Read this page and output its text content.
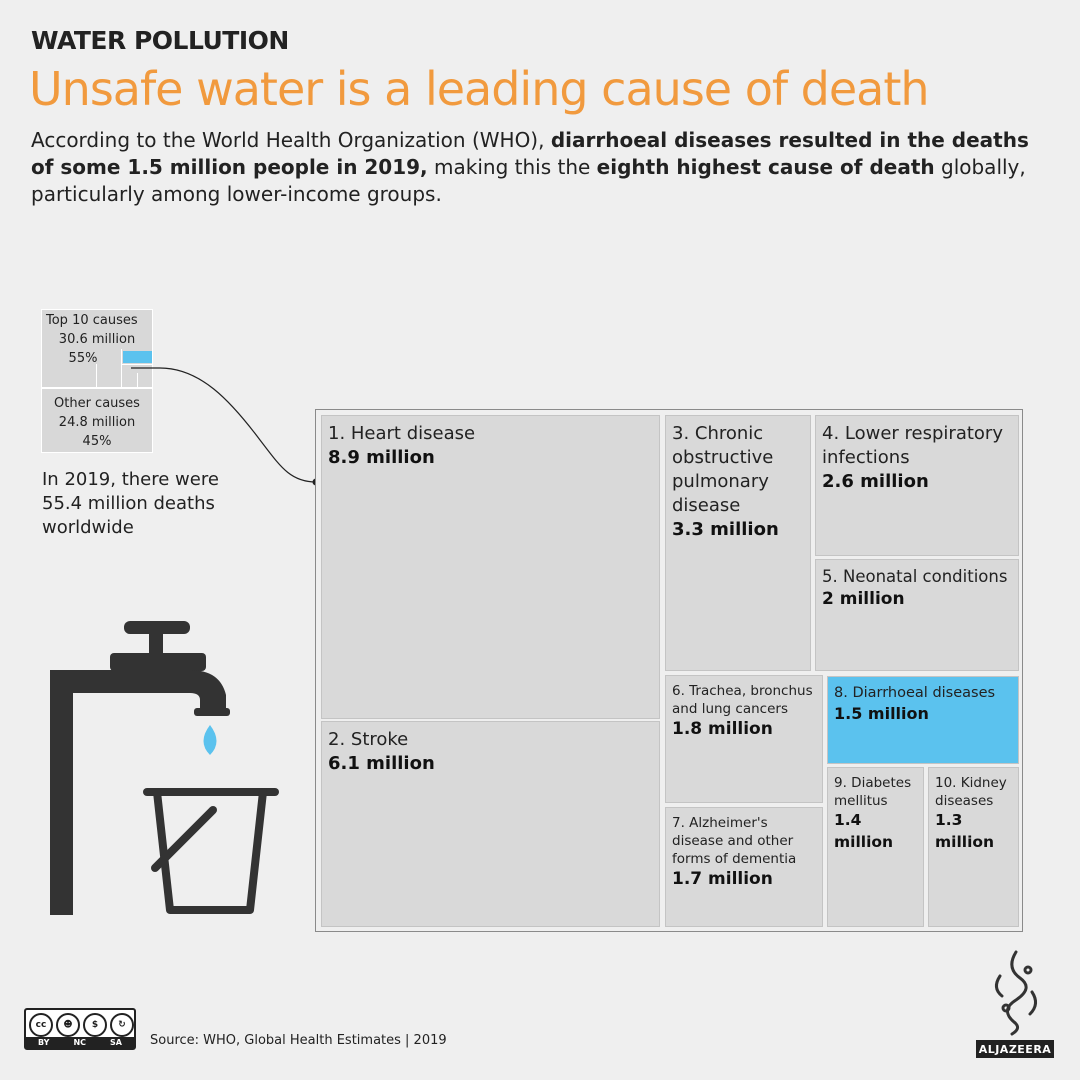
WATER POLLUTION
Unsafe water is a leading cause of death
According to the World Health Organization (WHO), diarrhoeal diseases resulted in the deaths of some 1.5 million people in 2019, making this the eighth highest cause of death globally, particularly among lower-income groups.
Top 10 causes
30.6 million
55%
Other causes
24.8 million
45%
In 2019, there were 55.4 million deaths worldwide
1. Heart disease
8.9 million
2. Stroke
6.1 million
3. Chronic obstructive pulmonary disease
3.3 million
4. Lower respiratory infections
2.6 million
5. Neonatal conditions
2 million
6. Trachea, bronchus and lung cancers
1.8 million
7. Alzheimer's disease and other forms of dementia
1.7 million
8. Diarrhoeal diseases
1.5 million
9. Diabetes mellitus
1.4 million
10. Kidney diseases
1.3 million
cc	☻	$	↻
BY	NC	SA Source: WHO, Global Health Estimates | 2019
ALJAZEERA
